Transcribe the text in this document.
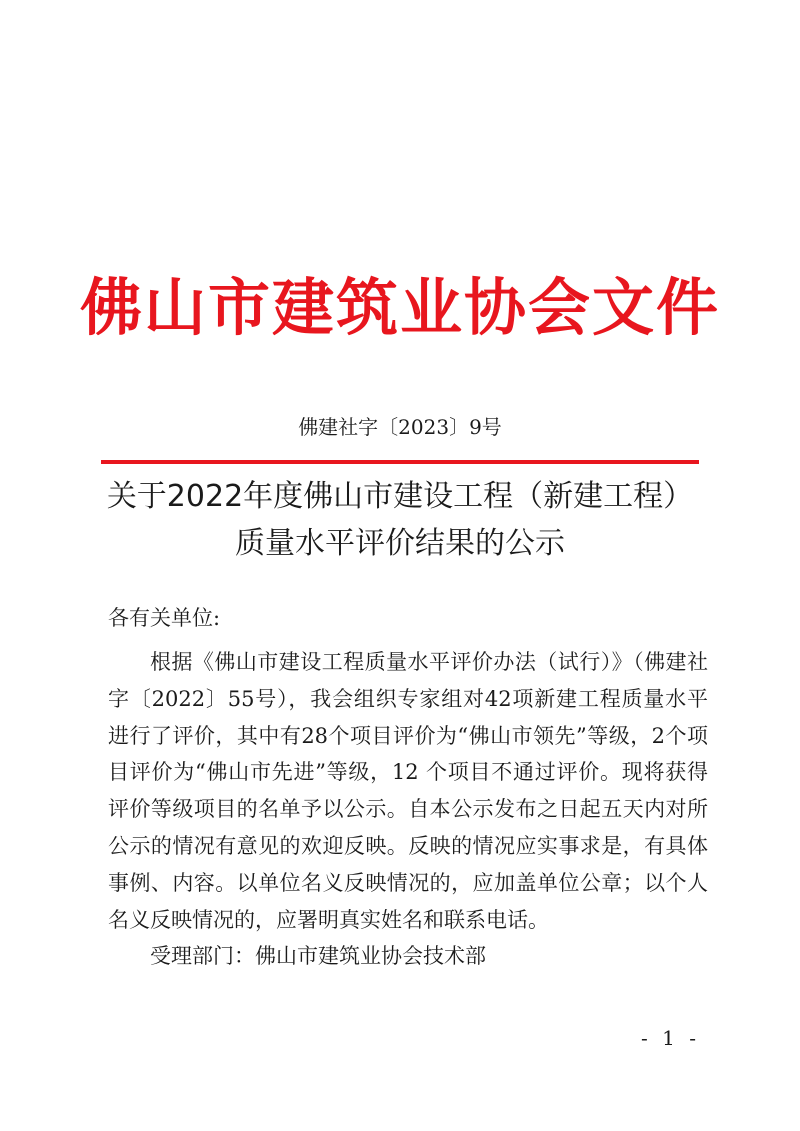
佛山市建筑业协会文件
佛建社字〔2023〕9号
关于2022年度佛山市建设工程（新建工程）
质量水平评价结果的公示
各有关单位:

根据《佛山市建设工程质量水平评价办法（试行）》（佛建社字〔2022〕55号），我会组织专家组对42项新建工程质量水平进行了评价，其中有28个项目评价为“佛山市领先”等级，2个项目评价为“佛山市先进”等级，12 个项目不通过评价。现将获得评价等级项目的名单予以公示。自本公示发布之日起五天内对所公示的情况有意见的欢迎反映。反映的情况应实事求是，有具体事例、内容。以单位名义反映情况的，应加盖单位公章；以个人名义反映情况的，应署明真实姓名和联系电话。

受理部门：佛山市建筑业协会技术部
- 1 -
